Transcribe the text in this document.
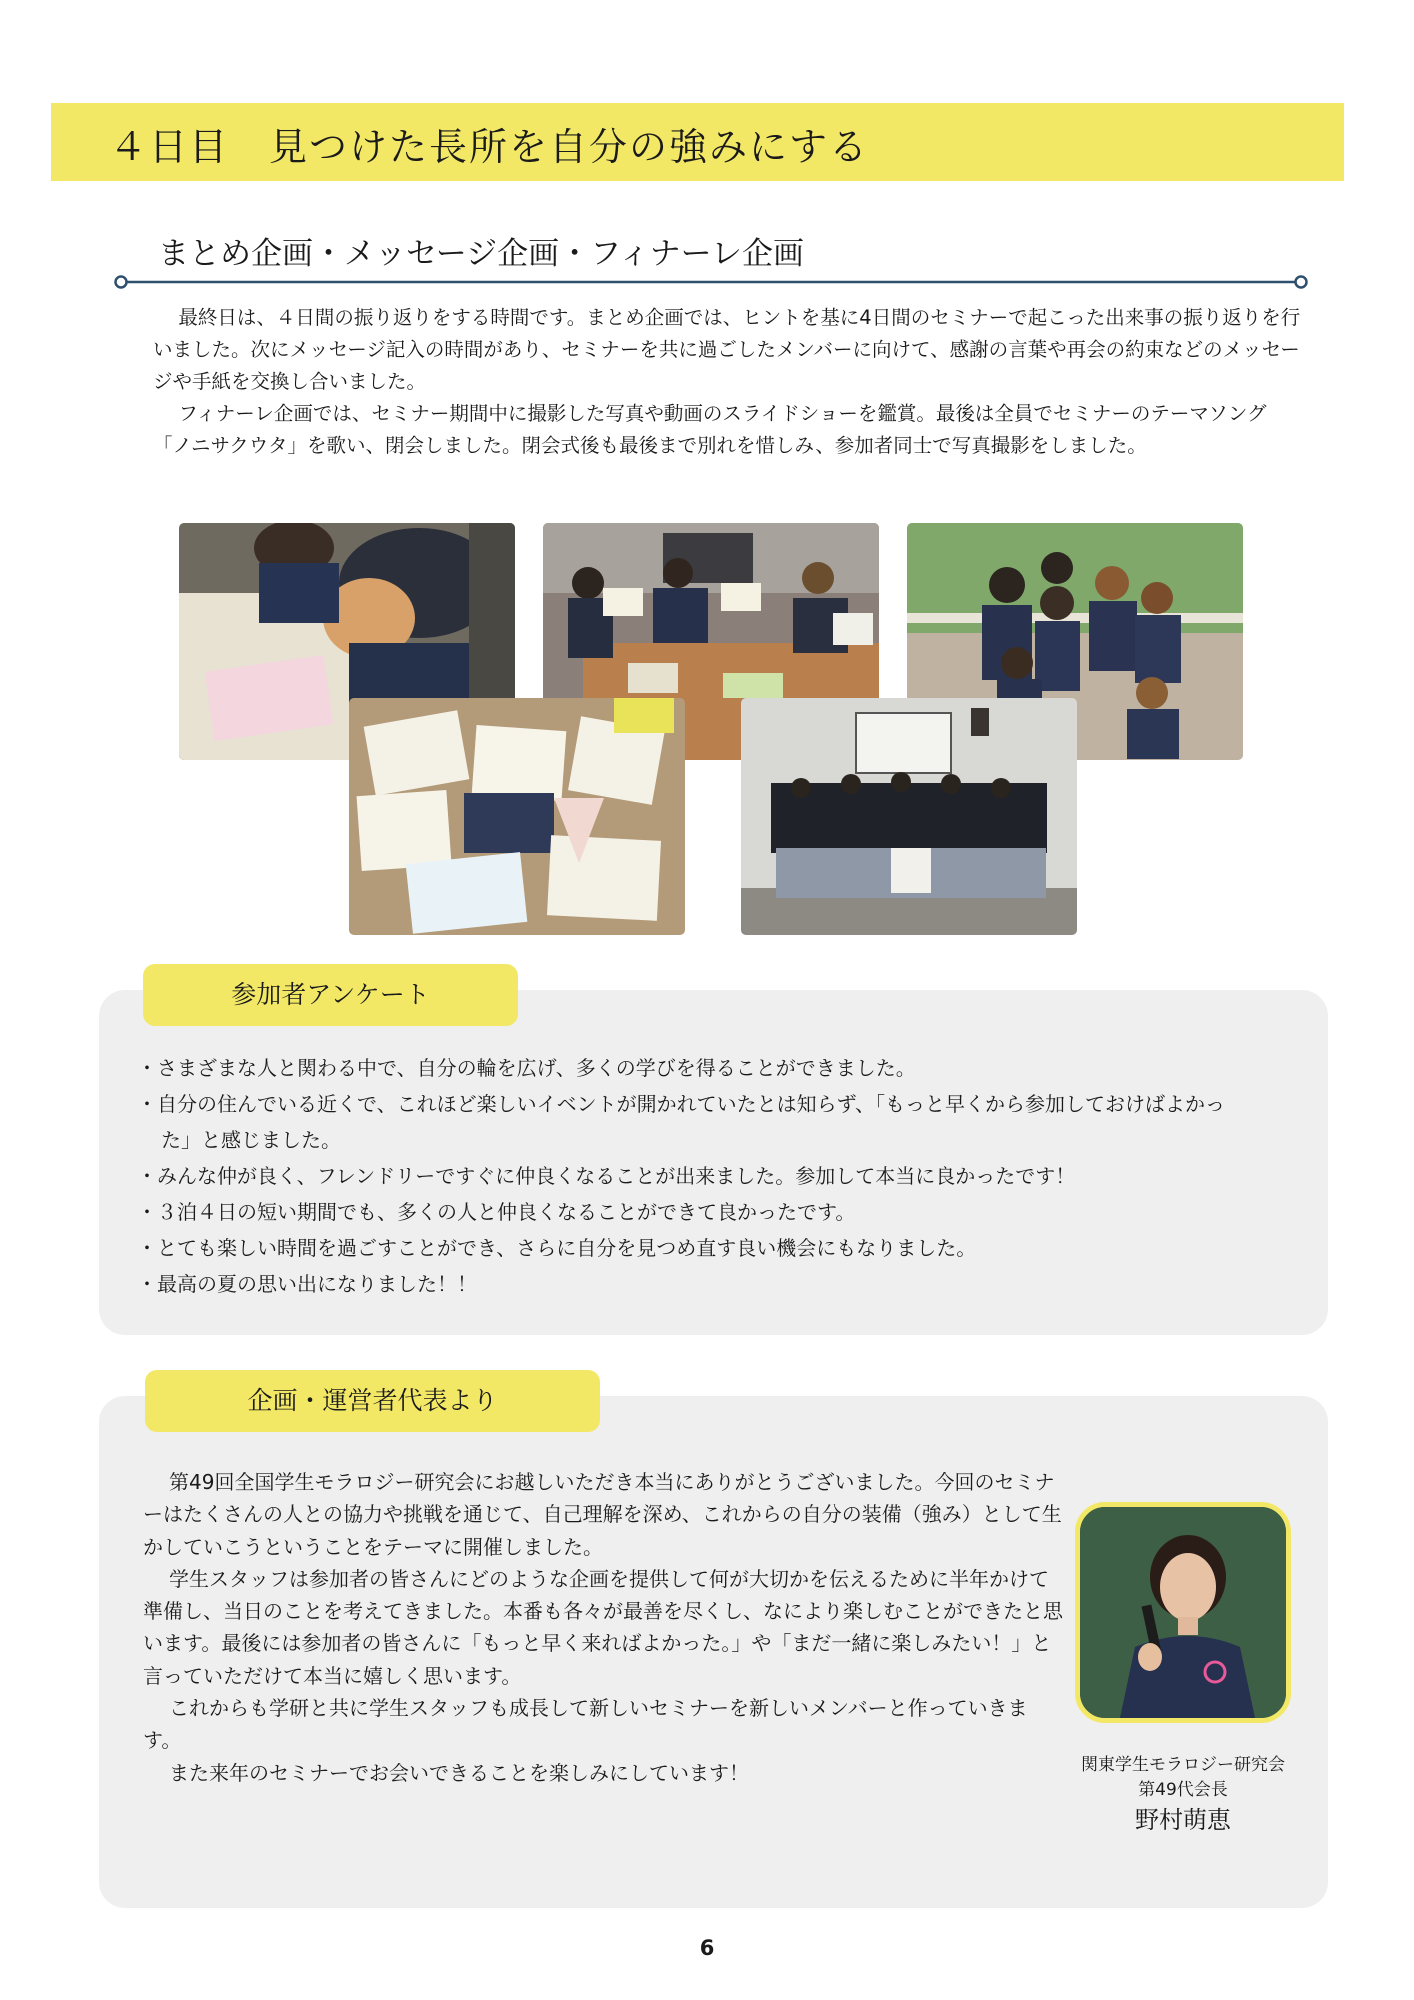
４日目　見つけた長所を自分の強みにする
まとめ企画・メッセージ企画・フィナーレ企画

最終日は、４日間の振り返りをする時間です。まとめ企画では、ヒントを基に4日間のセミナーで起こった出来事の振り返りを行いました。次にメッセージ記入の時間があり、セミナーを共に過ごしたメンバーに向けて、感謝の言葉や再会の約束などのメッセージや手紙を交換し合いました。

フィナーレ企画では、セミナー期間中に撮影した写真や動画のスライドショーを鑑賞。最後は全員でセミナーのテーマソング「ノニサクウタ」を歌い、閉会しました。閉会式後も最後まで別れを惜しみ、参加者同士で写真撮影をしました。

参加者アンケート
・ さまざまな人と関わる中で、自分の輪を広げ、多くの学びを得ることができました。
・ 自分の住んでいる近くで、これほど楽しいイベントが開かれていたとは知らず、「もっと早くから参加しておけばよかった」と感じました。
・ みんな仲が良く、フレンドリーですぐに仲良くなることが出来ました。参加して本当に良かったです！
・ ３泊４日の短い期間でも、多くの人と仲良くなることができて良かったです。
・ とても楽しい時間を過ごすことができ、さらに自分を見つめ直す良い機会にもなりました。
・ 最高の夏の思い出になりました！！
企画・運営者代表より

第49回全国学生モラロジー研究会にお越しいただき本当にありがとうございました。今回のセミナーはたくさんの人との協力や挑戦を通じて、自己理解を深め、これからの自分の装備（強み）として生かしていこうということをテーマに開催しました。

学生スタッフは参加者の皆さんにどのような企画を提供して何が大切かを伝えるために半年かけて準備し、当日のことを考えてきました。本番も各々が最善を尽くし、なにより楽しむことができたと思います。最後には参加者の皆さんに「もっと早く来ればよかった。」や「まだ一緒に楽しみたい！」と言っていただけて本当に嬉しく思います。

これからも学研と共に学生スタッフも成長して新しいセミナーを新しいメンバーと作っていきます。

また来年のセミナーでお会いできることを楽しみにしています！	関東学生モラロジー研究会
第49代会長
野村萌恵
6
